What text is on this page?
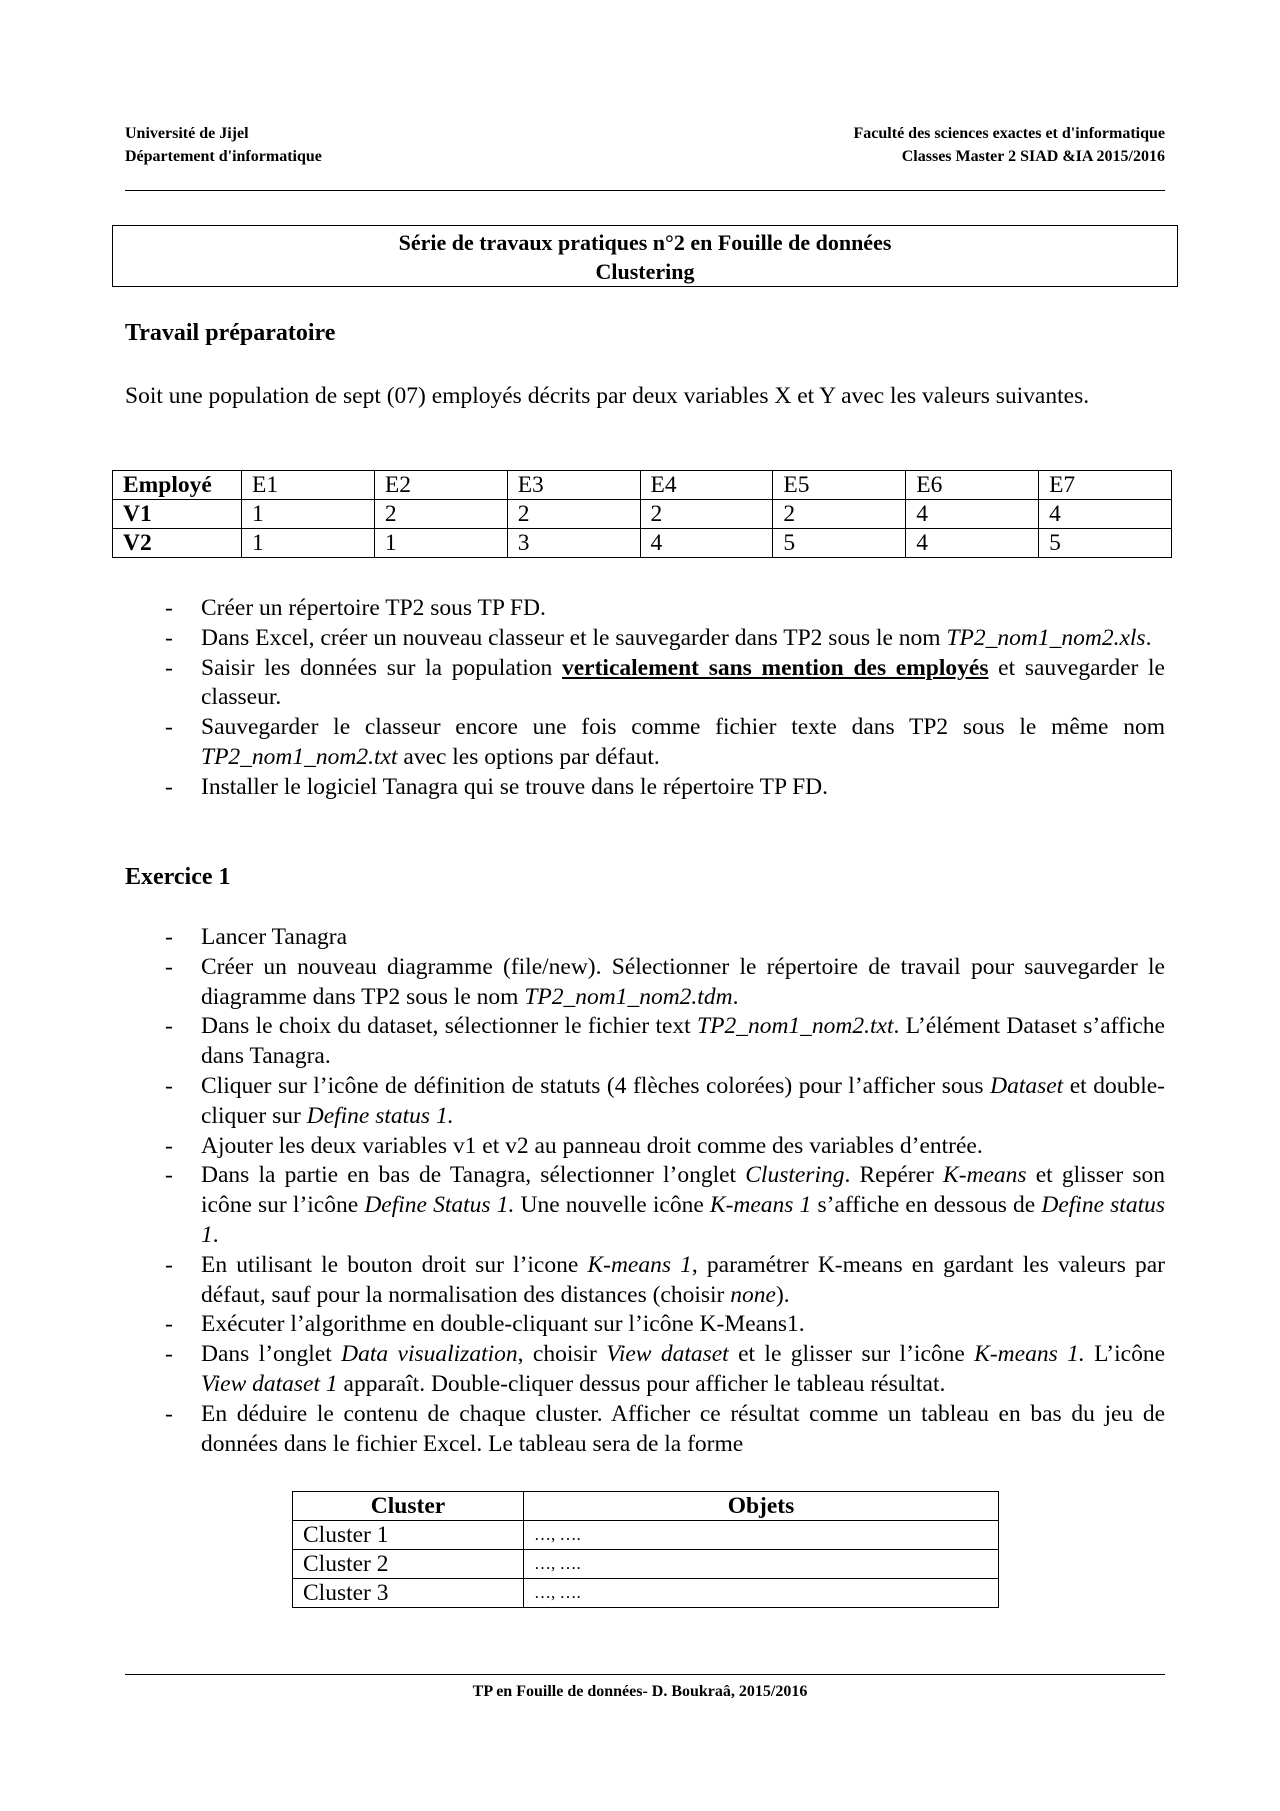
Université de Jijel
Département d'informatique
Faculté des sciences exactes et d'informatique
Classes Master 2 SIAD &IA 2015/2016
Série de travaux pratiques n°2 en Fouille de données
Clustering
Travail préparatoire
Soit une population de sept (07) employés décrits par deux variables X et Y avec les valeurs suivantes.
Employé	E1	E2	E3	E4	E5	E6	E7
V1	1	2	2	2	2	4	4
V2	1	1	3	4	5	4	5
- Créer un répertoire TP2 sous TP FD.
- Dans Excel, créer un nouveau classeur et le sauvegarder dans TP2 sous le nom TP2_nom1_nom2.xls.
- Saisir les données sur la population verticalement sans mention des employés et sauvegarder le classeur.
- Sauvegarder le classeur encore une fois comme fichier texte dans TP2 sous le même nom TP2_nom1_nom2.txt avec les options par défaut.
- Installer le logiciel Tanagra qui se trouve dans le répertoire TP FD.
Exercice 1
- Lancer Tanagra
- Créer un nouveau diagramme (file/new). Sélectionner le répertoire de travail pour sauvegarder le diagramme dans TP2 sous le nom TP2_nom1_nom2.tdm.
- Dans le choix du dataset, sélectionner le fichier text TP2_nom1_nom2.txt. L’élément Dataset s’affiche dans Tanagra.
- Cliquer sur l’icône de définition de statuts (4 flèches colorées) pour l’afficher sous Dataset et double-cliquer sur Define status 1.
- Ajouter les deux variables v1 et v2 au panneau droit comme des variables d’entrée.
- Dans la partie en bas de Tanagra, sélectionner l’onglet Clustering. Repérer K-means et glisser son icône sur l’icône Define Status 1. Une nouvelle icône K-means 1 s’affiche en dessous de Define status 1.
- En utilisant le bouton droit sur l’icone K-means 1, paramétrer K-means en gardant les valeurs par défaut, sauf pour la normalisation des distances (choisir none).
- Exécuter l’algorithme en double-cliquant sur l’icône K-Means1.
- Dans l’onglet Data visualization, choisir View dataset et le glisser sur l’icône K-means 1. L’icône View dataset 1 apparaît. Double-cliquer dessus pour afficher le tableau résultat.
- En déduire le contenu de chaque cluster. Afficher ce résultat comme un tableau en bas du jeu de données dans le fichier Excel. Le tableau sera de la forme
Cluster	Objets
Cluster 1	…, ….
Cluster 2	…, ….
Cluster 3	…, ….
TP en Fouille de données- D. Boukraâ, 2015/2016
